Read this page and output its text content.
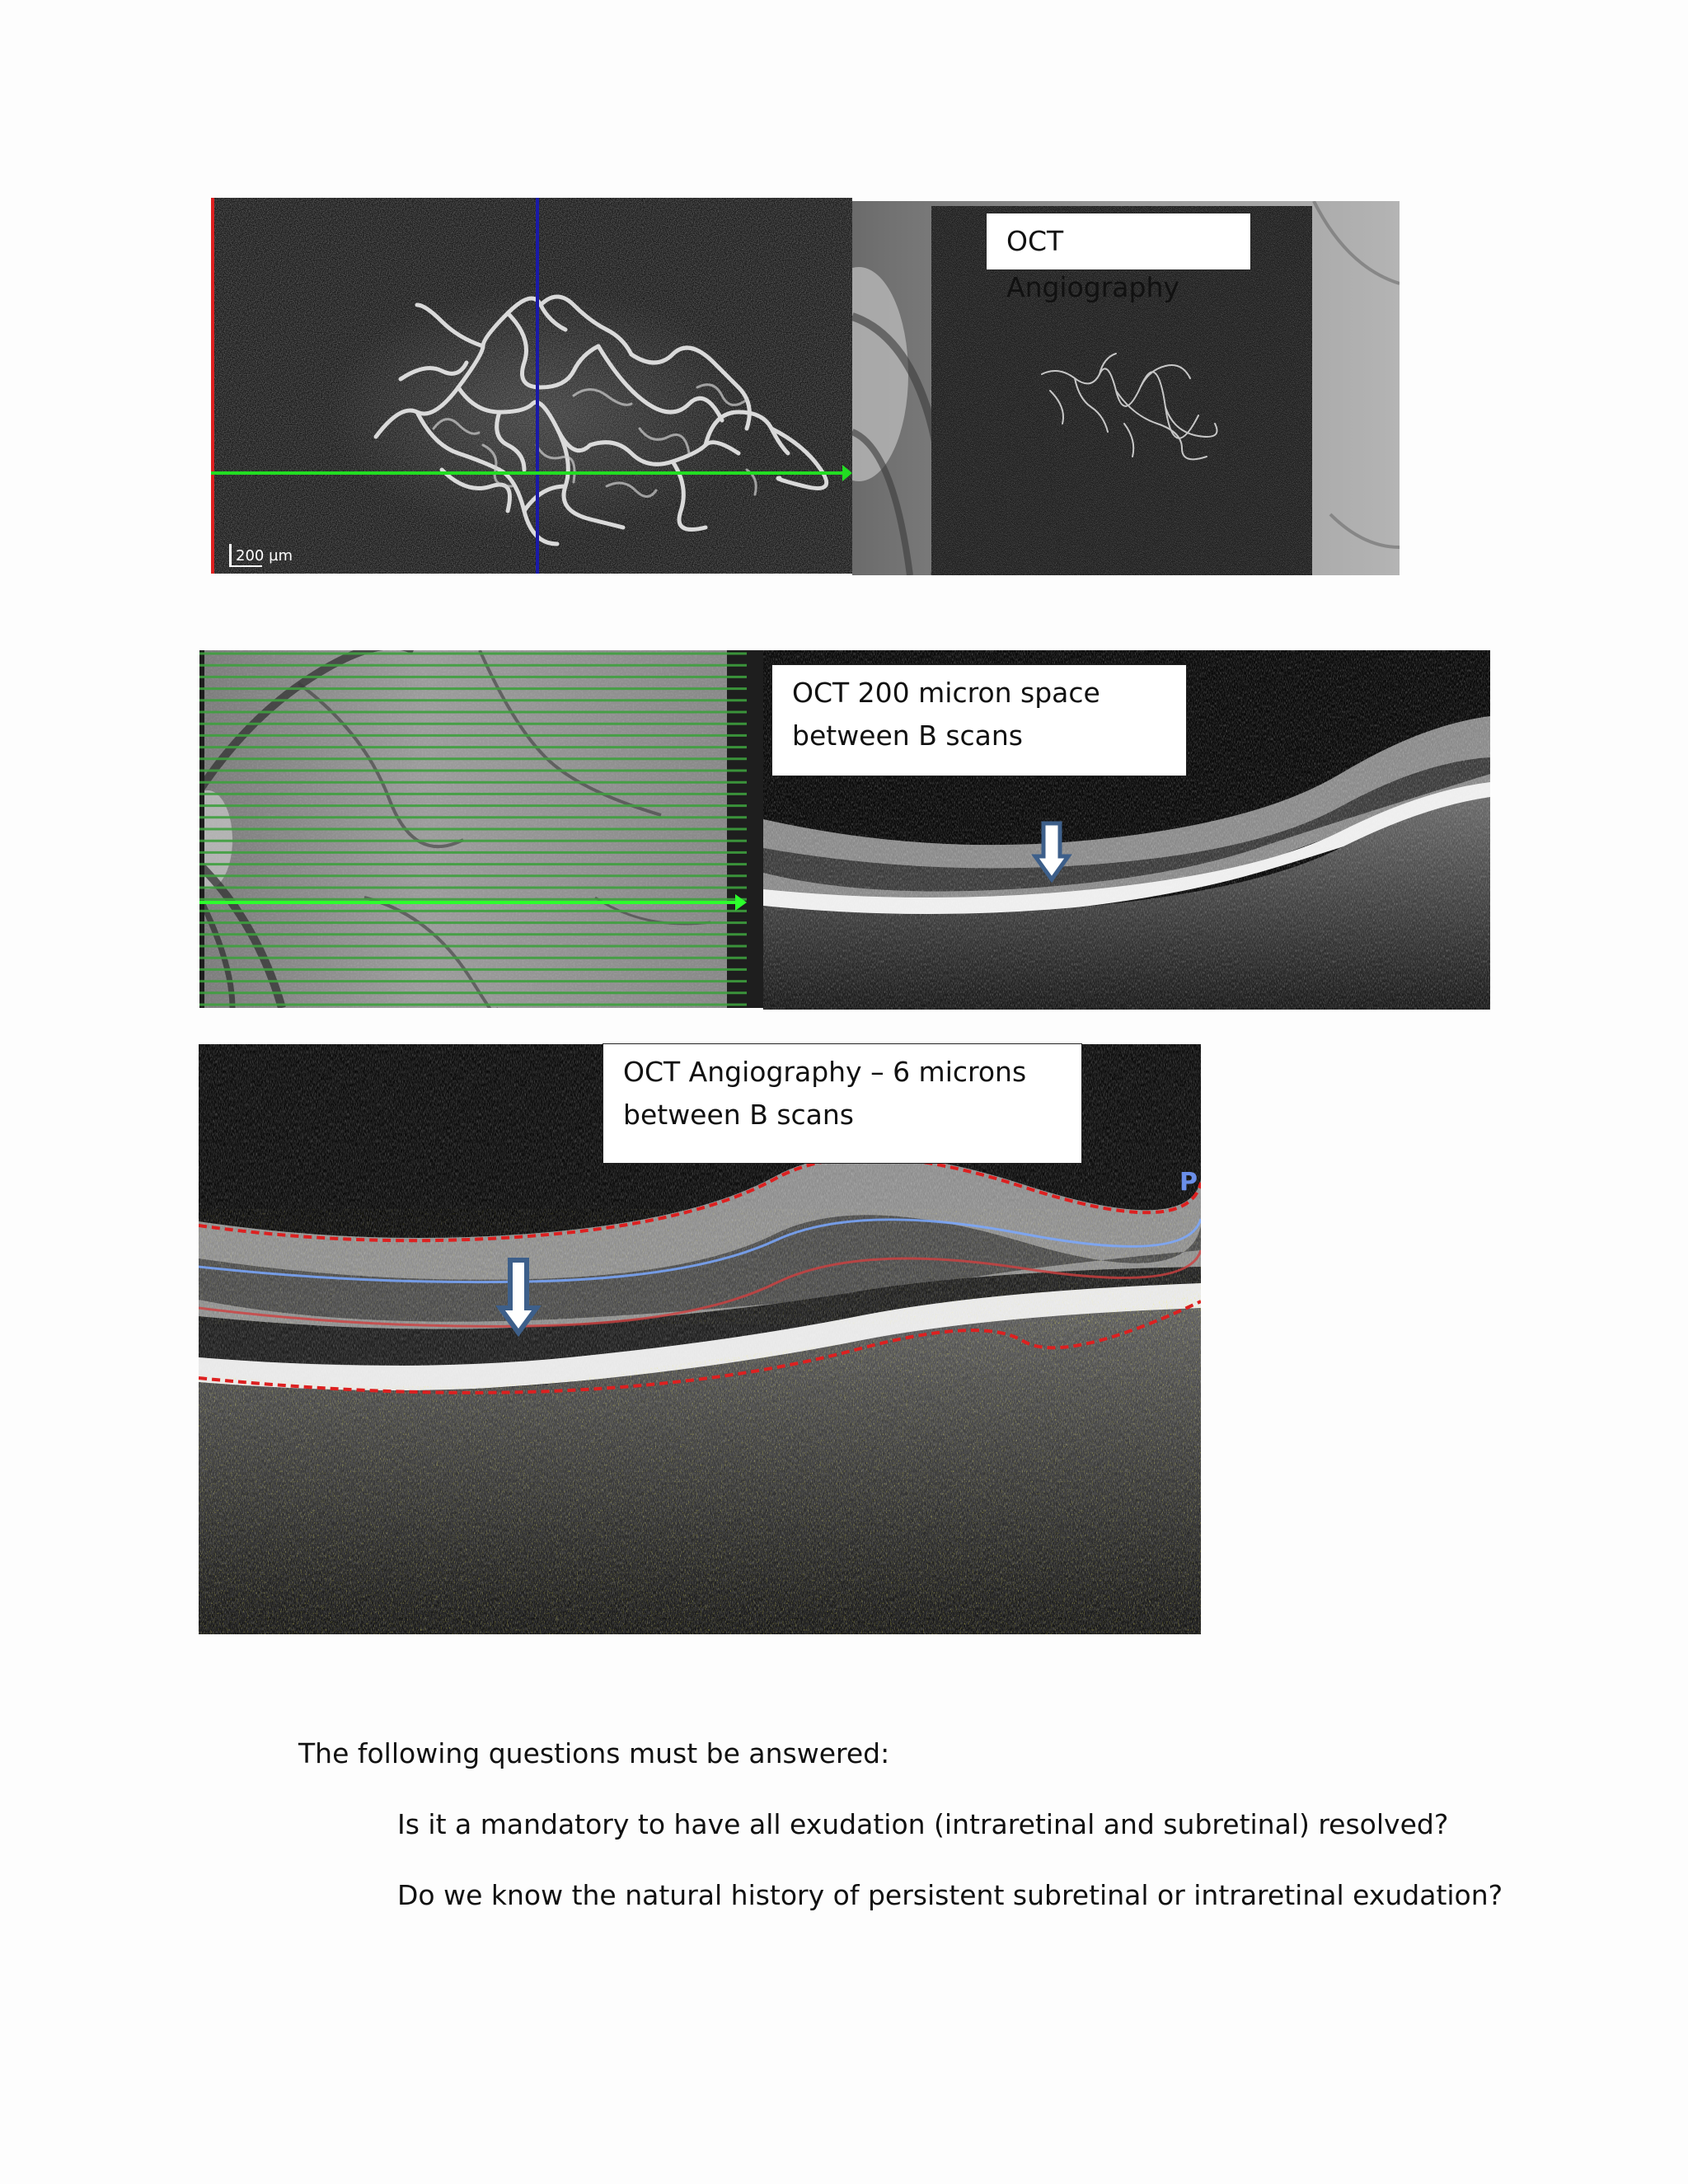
200 µm
OCT Angiography
OCT 200 micron space
between B scans
P
OCT Angiography – 6 microns
between B scans
The following questions must be answered:
Is it a mandatory to have all exudation (intraretinal and subretinal) resolved?
Do we know the natural history of persistent subretinal or intraretinal exudation?
